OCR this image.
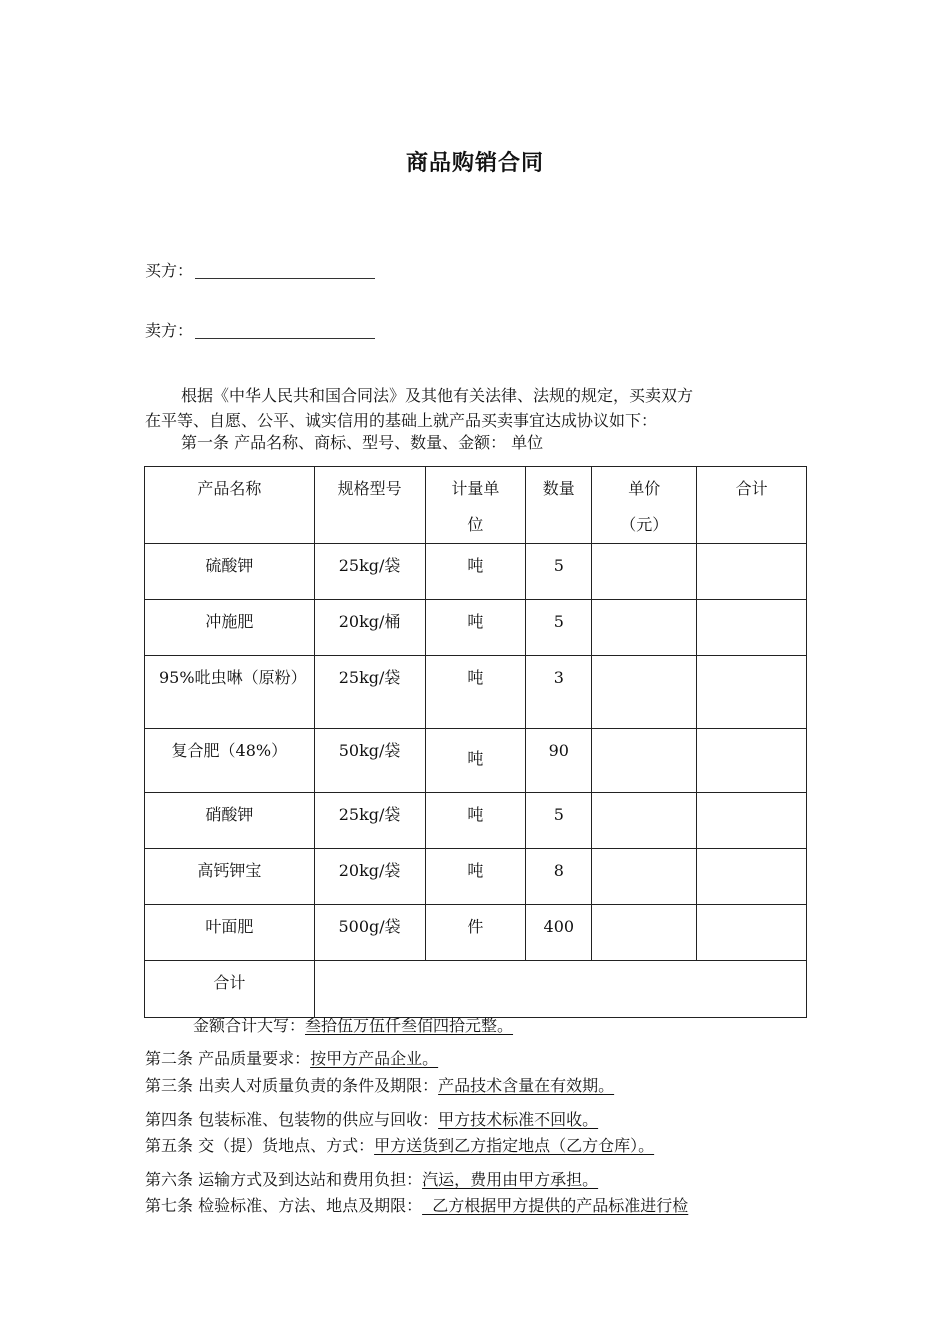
商品购销合同
买方：
卖方：
根据《中华人民共和国合同法》及其他有关法律、法规的规定，买卖双方
在平等、自愿、公平、诚实信用的基础上就产品买卖事宜达成协议如下：
第一条 产品名称、商标、型号、数量、金额： 单位
产品名称	规格型号	计量单位	数量	单价（元）	合计
硫酸钾	25kg/袋	吨	5		
冲施肥	20kg/桶	吨	5		
95%吡虫啉（原粉）	25kg/袋	吨	3		
复合肥（48%）	50kg/袋	吨	90		
硝酸钾	25kg/袋	吨	5		
高钙钾宝	20kg/袋	吨	8		
叶面肥	500g/袋	件	400		
合计					
金额合计大写：叁拾伍万伍仟叁佰四拾元整。
第二条 产品质量要求：按甲方产品企业。
第三条 出卖人对质量负责的条件及期限：产品技术含量在有效期。
第四条 包装标准、包装物的供应与回收：甲方技术标准不回收。
第五条 交（提）货地点、方式：甲方送货到乙方指定地点（乙方仓库）。
第六条 运输方式及到达站和费用负担：汽运，费用由甲方承担。
第七条 检验标准、方法、地点及期限：  乙方根据甲方提供的产品标准进行检
